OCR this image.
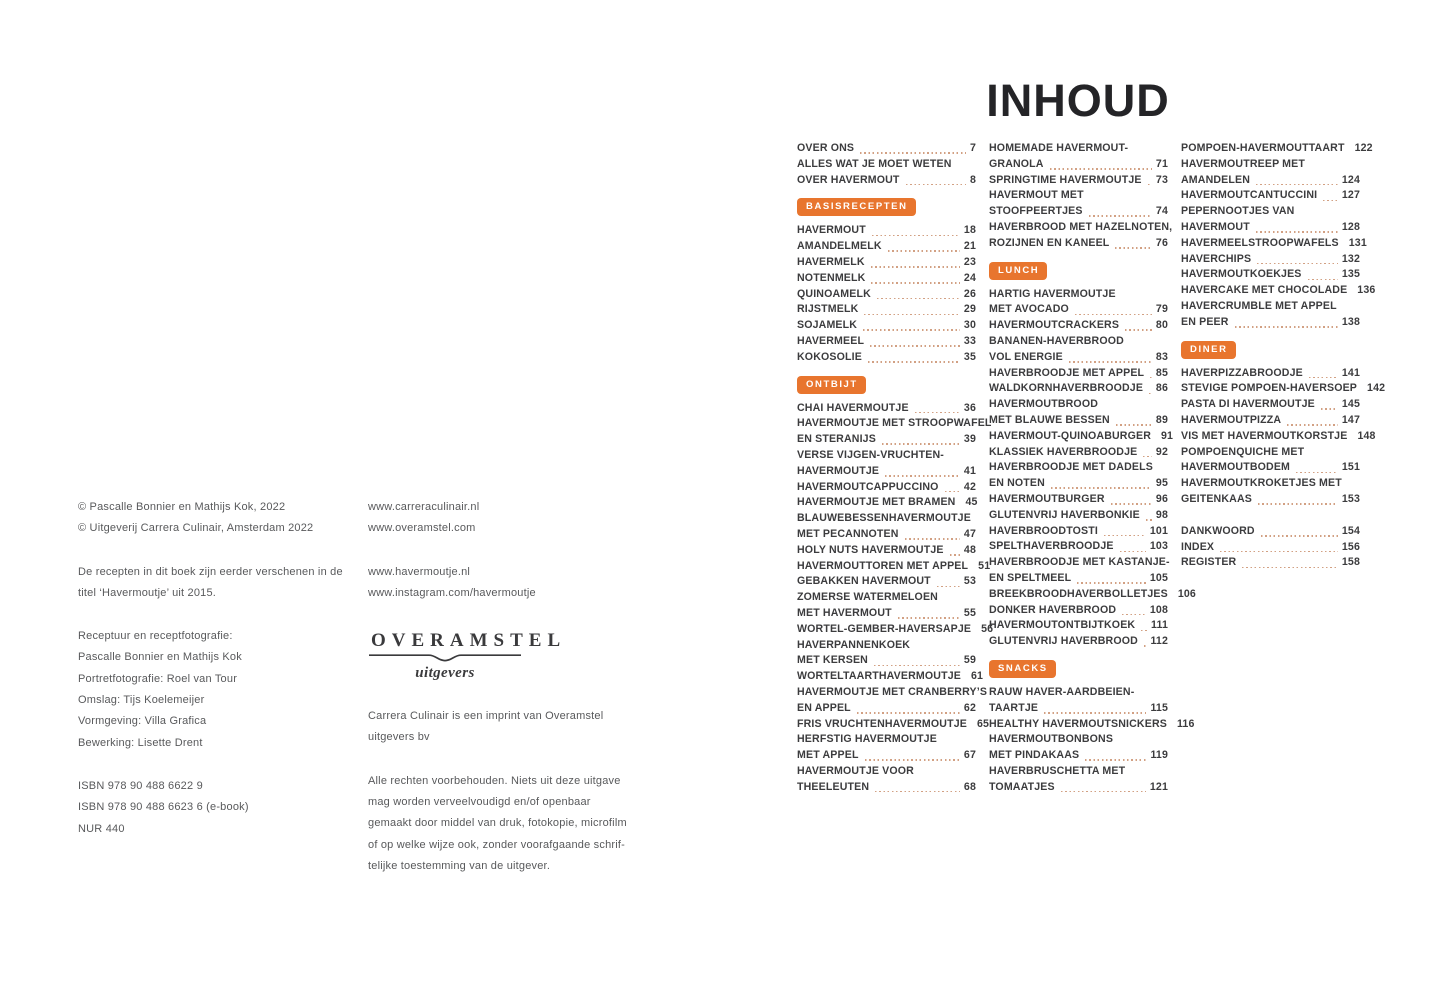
© Pascalle Bonnier en Mathijs Kok, 2022
© Uitgeverij Carrera Culinair, Amsterdam 2022
De recepten in dit boek zijn eerder verschenen in de
titel ‘Havermoutje’ uit 2015.
Receptuur en receptfotografie:
Pascalle Bonnier en Mathijs Kok
Portretfotografie: Roel van Tour
Omslag: Tijs Koelemeijer
Vormgeving: Villa Grafica
Bewerking: Lisette Drent
ISBN 978 90 488 6622 9
ISBN 978 90 488 6623 6 (e-book)
NUR 440
www.carreraculinair.nl
www.overamstel.com
www.havermoutje.nl
www.instagram.com/havermoutje
OVERAMSTEL
uitgevers
Carrera Culinair is een imprint van Overamstel
uitgevers bv
Alle rechten voorbehouden. Niets uit deze uitgave
mag worden verveelvoudigd en/of openbaar
gemaakt door middel van druk, fotokopie, microfilm
of op welke wijze ook, zonder voorafgaande schrif-
telijke toestemming van de uitgever.
INHOUD
OVER ONS	7
ALLES WAT JE MOET WETEN
OVER HAVERMOUT	8
BASISRECEPTEN
HAVERMOUT	18
AMANDELMELK	21
HAVERMELK	23
NOTENMELK	24
QUINOAMELK	26
RIJSTMELK	29
SOJAMELK	30
HAVERMEEL	33
KOKOSOLIE	35
ONTBIJT
CHAI HAVERMOUTJE	36
HAVERMOUTJE MET STROOPWAFEL
EN STERANIJS	39
VERSE VIJGEN-VRUCHTEN-
HAVERMOUTJE	41
HAVERMOUTCAPPUCCINO 42
HAVERMOUTJE MET BRAMEN 45
BLAUWEBESSENHAVERMOUTJE
MET PECANNOTEN	47
HOLY NUTS HAVERMOUTJE 48
HAVERMOUTTOREN MET APPEL 51
GEBAKKEN HAVERMOUT	53
ZOMERSE WATERMELOEN
MET HAVERMOUT	55
WORTEL-GEMBER-HAVERSAPJE 56
HAVERPANNENKOEK
MET KERSEN	59
WORTELTAARTHAVERMOUTJE 61
HAVERMOUTJE MET CRANBERRY’S
EN APPEL	62
FRIS VRUCHTENHAVERMOUTJE 65
HERFSTIG HAVERMOUTJE
MET APPEL	67
HAVERMOUTJE VOOR
THEELEUTEN	68
HOMEMADE HAVERMOUT-
GRANOLA	71
SPRINGTIME HAVERMOUTJE 73
HAVERMOUT MET
STOOFPEERTJES	74
HAVERBROOD MET HAZELNOTEN,
ROZIJNEN EN KANEEL	76
LUNCH
HARTIG HAVERMOUTJE
MET AVOCADO	79
HAVERMOUTCRACKERS	80
BANANEN-HAVERBROOD
VOL ENERGIE	83
HAVERBROODJE MET APPEL 85
WALDKORNHAVERBROODJE 86
HAVERMOUTBROOD
MET BLAUWE BESSEN	89
HAVERMOUT-QUINOABURGER 91
KLASSIEK HAVERBROODJE 92
HAVERBROODJE MET DADELS
EN NOTEN	95
HAVERMOUTBURGER	96
GLUTENVRIJ HAVERBONKIE 98
HAVERBROODTOSTI	101
SPELTHAVERBROODJE	103
HAVERBROODJE MET KASTANJE-
EN SPELTMEEL	105
BREEKBROODHAVERBOLLETJES 106
DONKER HAVERBROOD	108
HAVERMOUTONTBIJTKOEK 111
GLUTENVRIJ HAVERBROOD 112
SNACKS
RAUW HAVER-AARDBEIEN-
TAARTJE	115
HEALTHY HAVERMOUTSNICKERS 116
HAVERMOUTBONBONS
MET PINDAKAAS	119
HAVERBRUSCHETTA MET
TOMAATJES	121
POMPOEN-HAVERMOUTTAART 122
HAVERMOUTREEP MET
AMANDELEN	124
HAVERMOUTCANTUCCINI 127
PEPERNOOTJES VAN
HAVERMOUT	128
HAVERMEELSTROOPWAFELS 131
HAVERCHIPS	132
HAVERMOUTKOEKJES	135
HAVERCAKE MET CHOCOLADE 136
HAVERCRUMBLE MET APPEL
EN PEER	138
DINER
HAVERPIZZABROODJE	141
STEVIGE POMPOEN-HAVERSOEP 142
PASTA DI HAVERMOUTJE	145
HAVERMOUTPIZZA	147
VIS MET HAVERMOUTKORSTJE 148
POMPOENQUICHE MET
HAVERMOUTBODEM	151
HAVERMOUTKROKETJES MET
GEITENKAAS	153
DANKWOORD	154
INDEX	156
REGISTER	158
